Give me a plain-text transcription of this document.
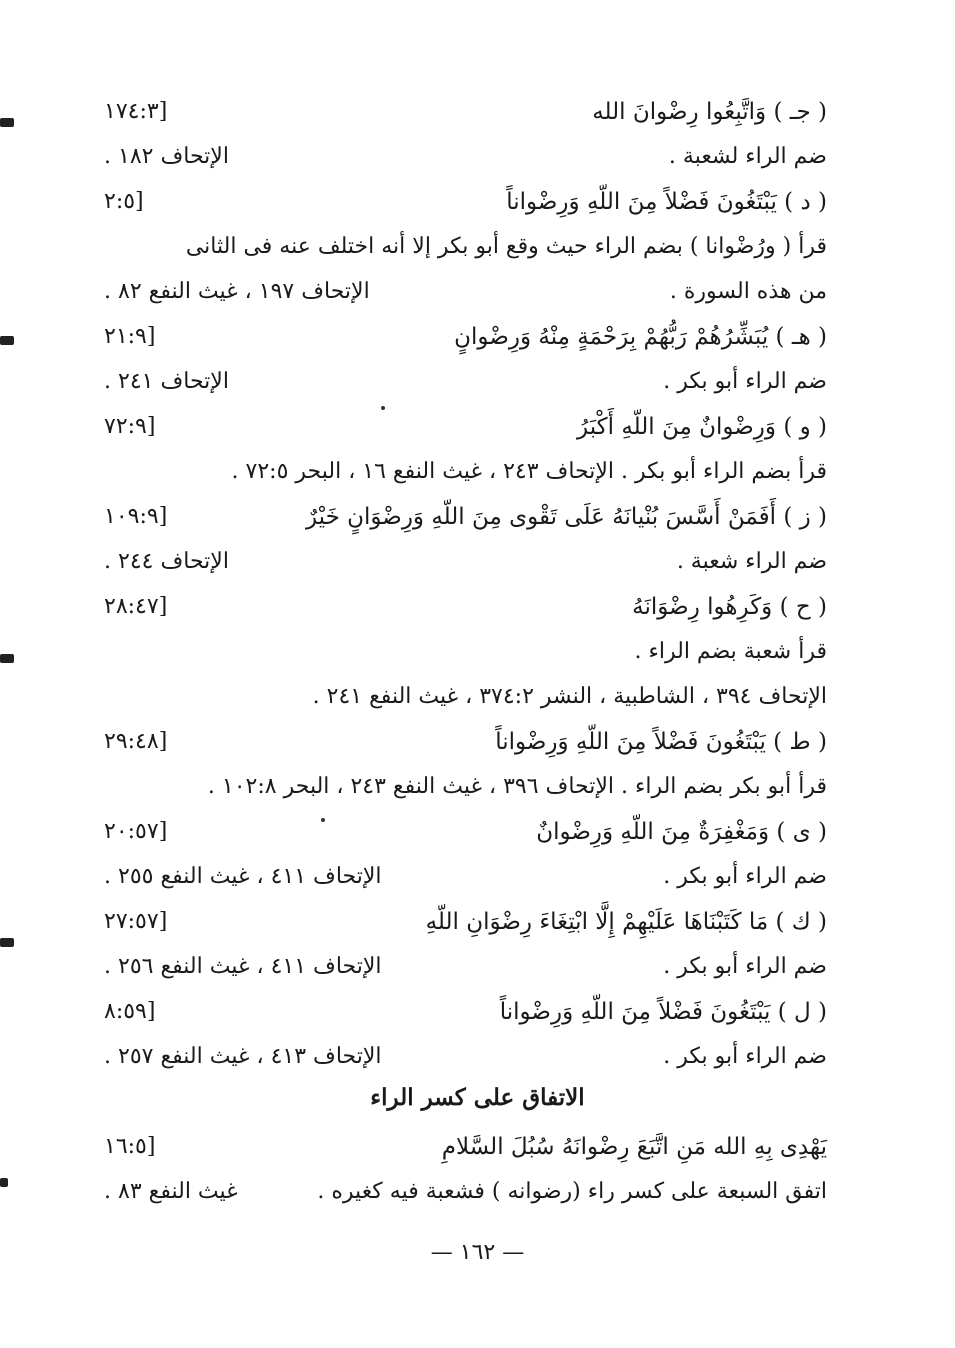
( جـ ) وَاتَّبِعُوا رِضْوانَ الله
[١٧٤:٣
ضم الراء لشعبة .
الإتحاف ١٨٢ .
( د ) يَبْتَغُونَ فَضْلاً مِنَ اللّهِ وَرِضْواناً
[٢:٥
قرأ ( ورُضْوانا ) بضم الراء حيث وقع أبو بكر إلا أنه اختلف عنه فى الثانى
من هذه السورة .
الإتحاف ١٩٧ ، غيث النفع ٨٢ .
( هـ ) يُبَشِّرُهُمْ رَبُّهُمْ بِرَحْمَةٍ مِنْهُ وَرِضْوانٍ
[٢١:٩
ضم الراء أبو بكر .
الإتحاف ٢٤١ .
( و ) وَرِضْوانٌ مِنَ اللّهِ أَكْبَرُ
[٧٢:٩
قرأ بضم الراء أبو بكر . الإتحاف ٢٤٣ ، غيث النفع ١٦ ، البحر ٧٢:٥ .
( ز ) أَفَمَنْ أَسَّسَ بُنْيانَهُ عَلَى تَقْوى مِنَ اللّهِ وَرِضْوَانٍ خَيْرٌ
[١٠٩:٩
ضم الراء شعبة .
الإتحاف ٢٤٤ .
( ح ) وَكَرِهُوا رِضْوَانَهُ
[٢٨:٤٧
قرأ شعبة بضم الراء .
الإتحاف ٣٩٤ ، الشاطبية ، النشر ٣٧٤:٢ ، غيث النفع ٢٤١ .
( ط ) يَبْتَغُونَ فَضْلاً مِنَ اللّهِ وَرِضْواناً
[٢٩:٤٨
قرأ أبو بكر بضم الراء . الإتحاف ٣٩٦ ، غيث النفع ٢٤٣ ، البحر ١٠٢:٨ .
( ى ) وَمَغْفِرَةٌ مِنَ اللّهِ وَرِضْوانٌ
[٢٠:٥٧
ضم الراء أبو بكر .
الإتحاف ٤١١ ، غيث النفع ٢٥٥ .
( ك ) مَا كَتَبْنَاهَا عَلَيْهِمْ إِلَّا ابْتِغَاءَ رِضْوَانِ اللّهِ
[٢٧:٥٧
ضم الراء أبو بكر .
الإتحاف ٤١١ ، غيث النفع ٢٥٦ .
( ل ) يَبْتَغُونَ فَضْلاً مِنَ اللّهِ وَرِضْواناً
[٨:٥٩
ضم الراء أبو بكر .
الإتحاف ٤١٣ ، غيث النفع ٢٥٧ .
الاتفاق على كسر الراء
يَهْدِى بِهِ الله مَنِ اتَّبَعَ رِضْوانَهُ سُبُلَ السَّلامِ
[١٦:٥
اتفق السبعة على كسر راء (رضوانه ) فشعبة فيه كغيره .
غيث النفع ٨٣ .
— ١٦٢ —
